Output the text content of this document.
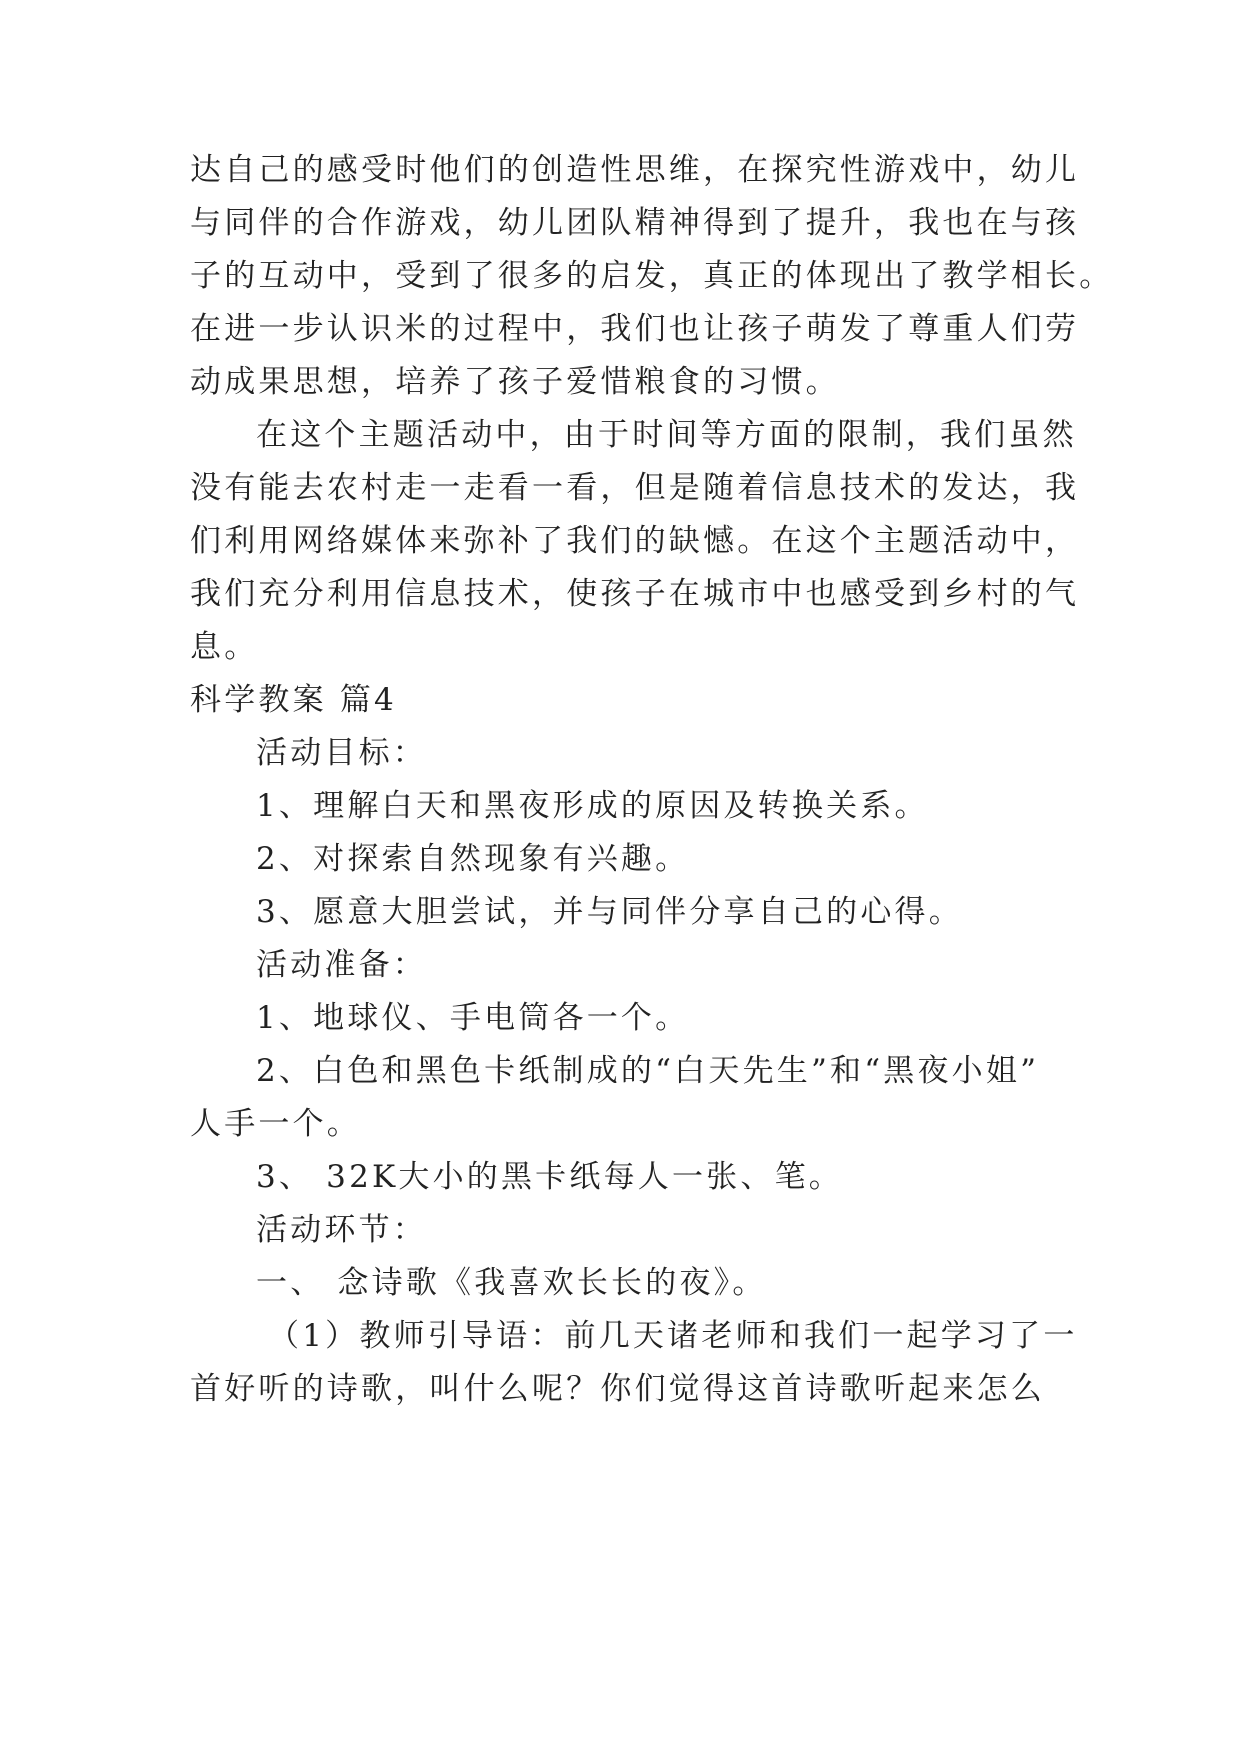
达自己的感受时他们的创造性思维，在探究性游戏中，幼儿
与同伴的合作游戏，幼儿团队精神得到了提升，我也在与孩
子的互动中，受到了很多的启发，真正的体现出了教学相长。
在进一步认识米的过程中，我们也让孩子萌发了尊重人们劳
动成果思想，培养了孩子爱惜粮食的习惯。
在这个主题活动中，由于时间等方面的限制，我们虽然
没有能去农村走一走看一看，但是随着信息技术的发达，我
们利用网络媒体来弥补了我们的缺憾。在这个主题活动中，
我们充分利用信息技术，使孩子在城市中也感受到乡村的气
息。
科学教案 篇4
活动目标：
1、理解白天和黑夜形成的原因及转换关系。
2、对探索自然现象有兴趣。
3、愿意大胆尝试，并与同伴分享自己的心得。
活动准备：
1、地球仪、手电筒各一个。
2、白色和黑色卡纸制成的“白天先生”和“黑夜小姐”
人手一个。
3、 32K大小的黑卡纸每人一张、笔。
活动环节：
一、 念诗歌《我喜欢长长的夜》。
（1）教师引导语：前几天诸老师和我们一起学习了一
首好听的诗歌，叫什么呢？你们觉得这首诗歌听起来怎么
